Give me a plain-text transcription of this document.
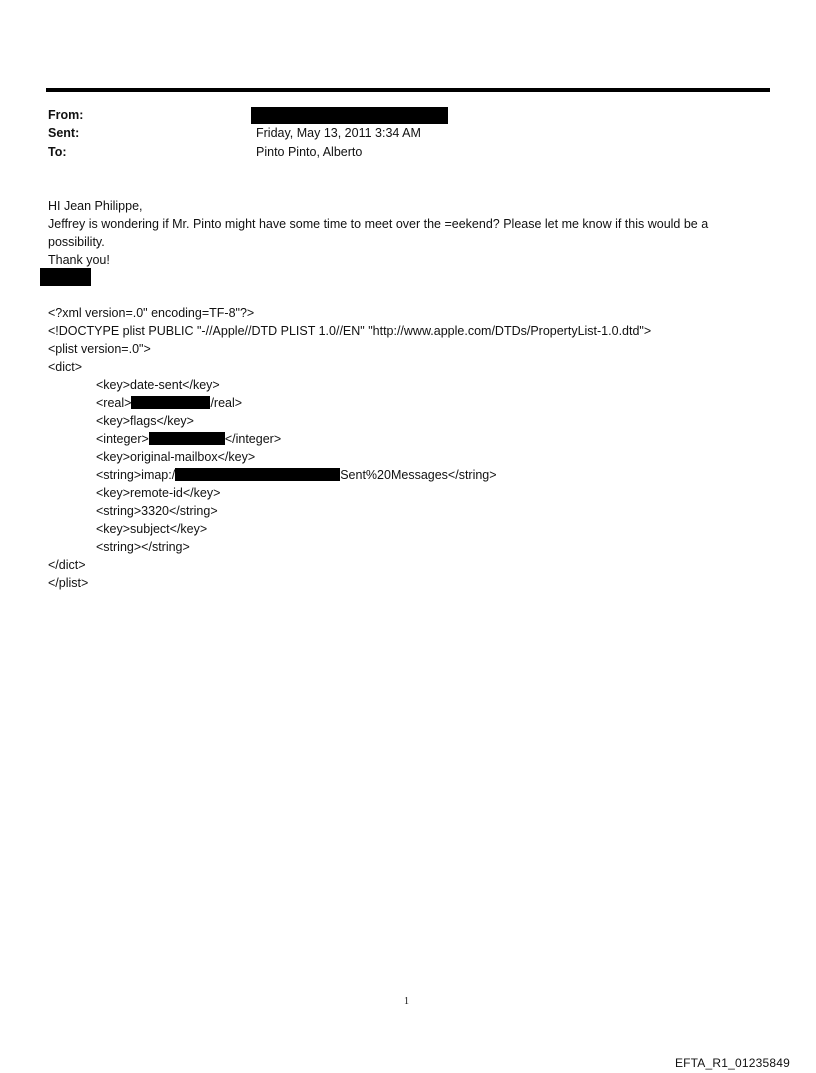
From:
Sent:	Friday, May 13, 2011 3:34 AM
To:	Pinto Pinto, Alberto
HI Jean Philippe,
Jeffrey is wondering if Mr. Pinto might have some time to meet over the =eekend? Please let me know if this would be a
possibility.
Thank you!
<?xml version=.0" encoding=TF-8"?>
<!DOCTYPE plist PUBLIC "-//Apple//DTD PLIST 1.0//EN" "http://www.apple.com/DTDs/PropertyList-1.0.dtd">
<plist version=.0">
<dict>
<key>date-sent</key>
<real>	/real>
<key>flags</key>
<integer>	</integer>
<key>original-mailbox</key>
<string>imap:/	Sent%20Messages</string>
<key>remote-id</key>
<string>3320</string>
<key>subject</key>
<string></string>
</dict>
</plist>
1
EFTA_R1_01235849
